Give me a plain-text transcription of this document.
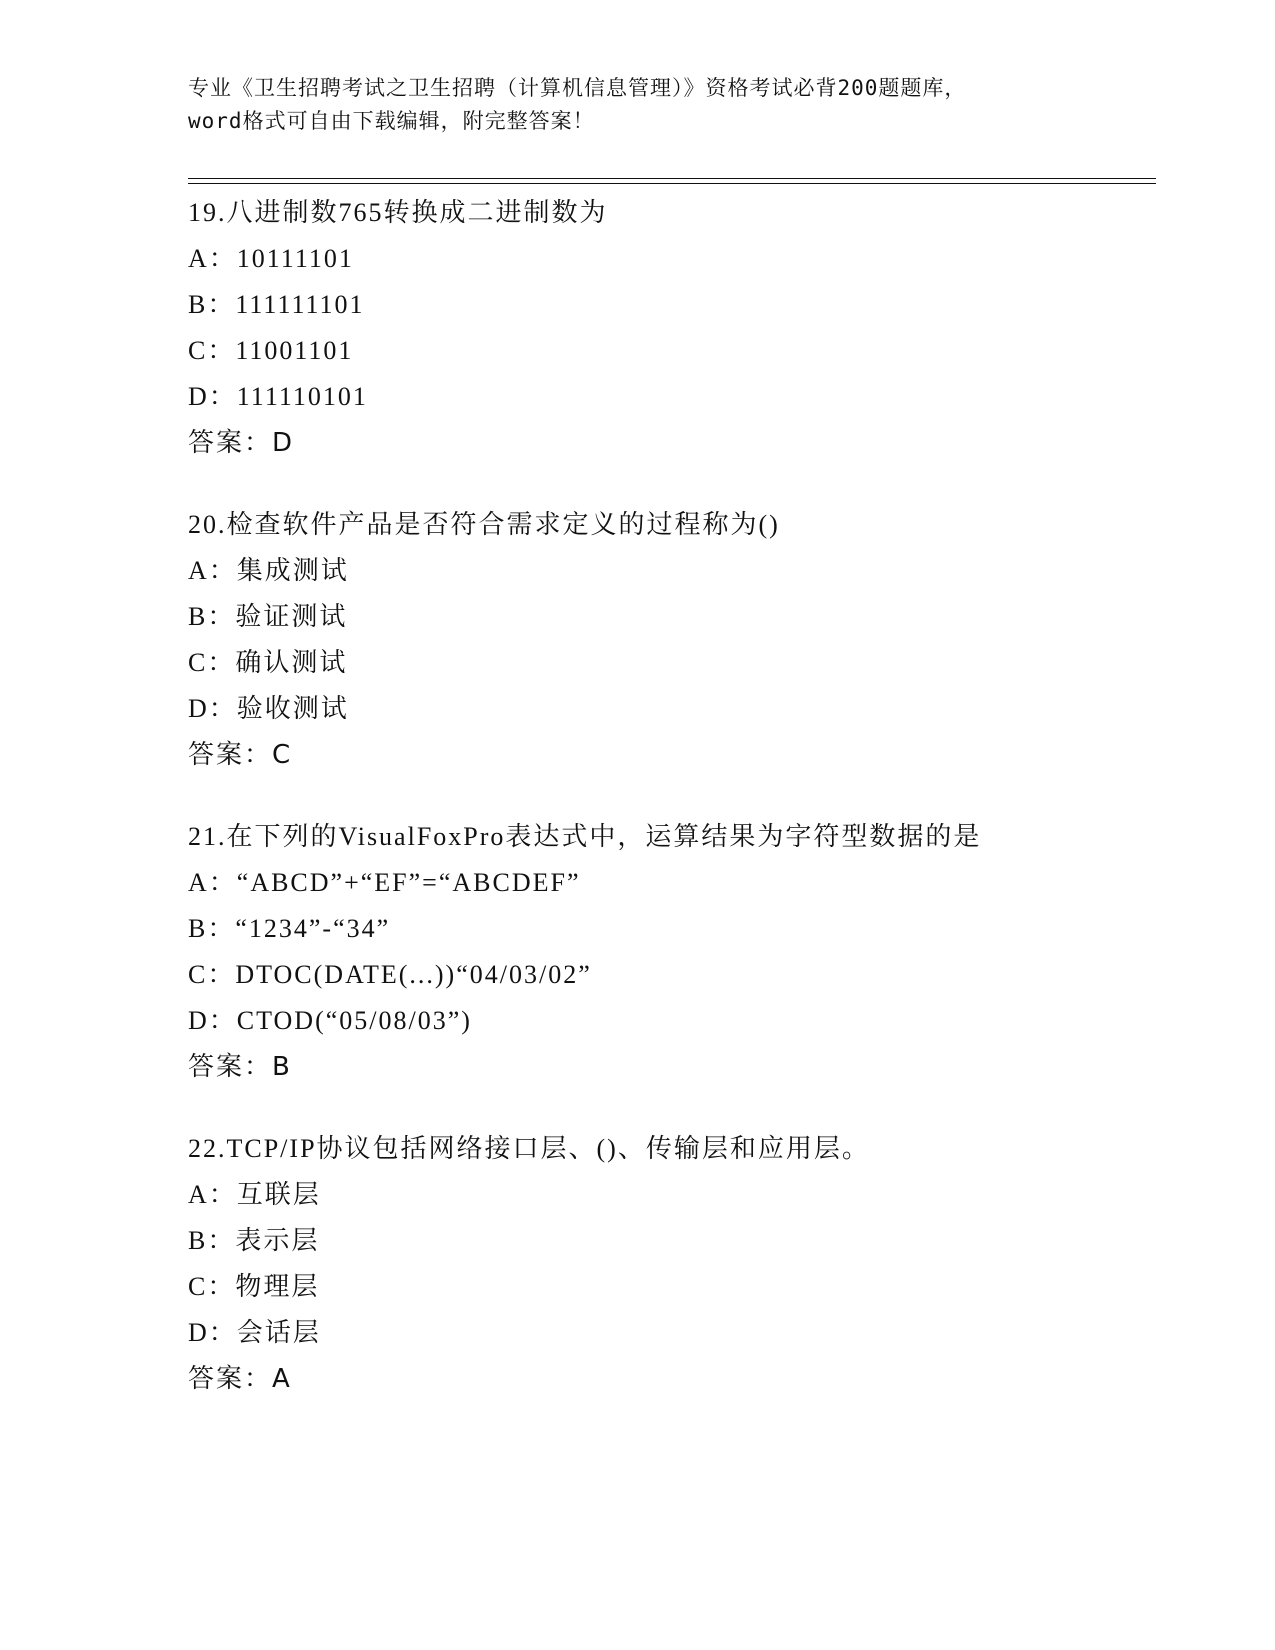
专业《卫生招聘考试之卫生招聘（计算机信息管理）》资格考试必背200题题库，
word格式可自由下载编辑，附完整答案！
19.八进制数765转换成二进制数为
A：10111101
B：111111101
C：11001101
D：111110101
答案：D
20.检查软件产品是否符合需求定义的过程称为()
A：集成测试
B：验证测试
C：确认测试
D：验收测试
答案：C
21.在下列的VisualFoxPro表达式中，运算结果为字符型数据的是
A：“ABCD”+“EF”=“ABCDEF”
B：“1234”-“34”
C：DTOC(DATE(...))“04/03/02”
D：CTOD(“05/08/03”)
答案：B
22.TCP/IP协议包括网络接口层、()、传输层和应用层。
A：互联层
B：表示层
C：物理层
D：会话层
答案：A
